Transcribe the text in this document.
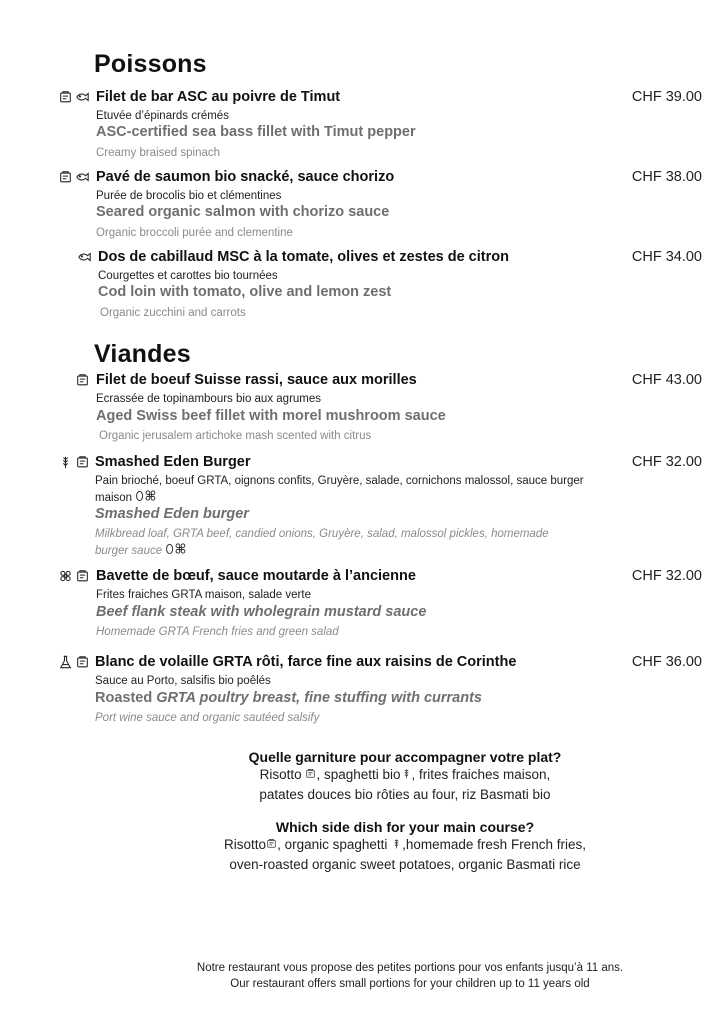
Poissons
Filet de bar ASC au poivre de Timut	CHF 39.00
Etuvée d’épinards crémés
ASC-certified sea bass fillet with Timut pepper
Creamy braised spinach
Pavé de saumon bio snacké, sauce chorizo	CHF 38.00
Purée de brocolis bio et clémentines
Seared organic salmon with chorizo sauce
Organic broccoli purée and clementine
Dos de cabillaud MSC à la tomate, olives et zestes de citron	CHF 34.00
Courgettes et carottes bio tournées
Cod loin with tomato, olive and lemon zest
Organic zucchini and carrots
Viandes
Filet de boeuf Suisse rassi, sauce aux morilles	CHF 43.00
Ecrassée de topinambours bio aux agrumes
Aged Swiss beef fillet with morel mushroom sauce
Organic jerusalem artichoke mash scented with citrus
Smashed Eden Burger	CHF 32.00
Pain brioché, boeuf GRTA, oignons confits, Gruyère, salade, cornichons malossol, sauce burger maison
Smashed Eden burger
Milkbread loaf, GRTA beef, candied onions, Gruyère, salad, malossol pickles, homemade burger sauce
Bavette de bœuf, sauce moutarde à l’ancienne	CHF 32.00
Frites fraiches GRTA maison, salade verte
Beef flank steak with wholegrain mustard sauce
Homemade GRTA French fries and green salad
Blanc de volaille GRTA rôti, farce fine aux raisins de Corinthe	CHF 36.00
Sauce au Porto, salsifis bio poêlés
Roasted GRTA poultry breast, fine stuffing with currants
Port wine sauce and organic sautéed salsify
Quelle garniture pour accompagner votre plat?
Risotto , spaghetti bio , frites fraiches maison,
patates douces bio rôties au four, riz Basmati bio
Which side dish for your main course?
Risotto , organic spaghetti ,homemade fresh French fries,
oven-roasted organic sweet potatoes, organic Basmati rice
Notre restaurant vous propose des petites portions pour vos enfants jusqu’à 11 ans.
Our restaurant offers small portions for your children up to 11 years old
